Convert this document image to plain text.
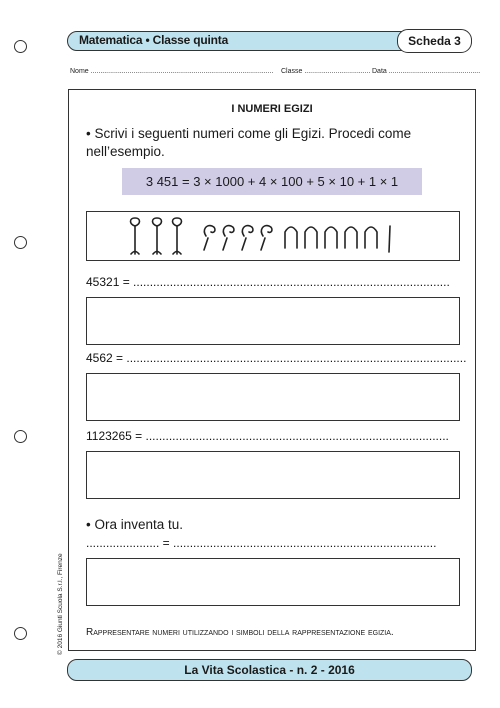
Matematica • Classe quinta	Scheda 3
Nome .............................................................................................. Classe .................................. Data ...............................................
I NUMERI EGIZI
• Scrivi i seguenti numeri come gli Egizi. Procedi come nell’esempio.
3 451 = 3 × 1000 + 4 × 100 + 5 × 10 + 1 × 1
45321 = ...............................................................................................
4562 = ......................................................................................................
1123265 = ...........................................................................................
• Ora inventa tu.
...................... = ...............................................................................
Rappresentare numeri utilizzando i simboli della rappresentazione egizia.
La Vita Scolastica - n. 2 - 2016
© 2016 Giunti Scuola S.r.l., Firenze
